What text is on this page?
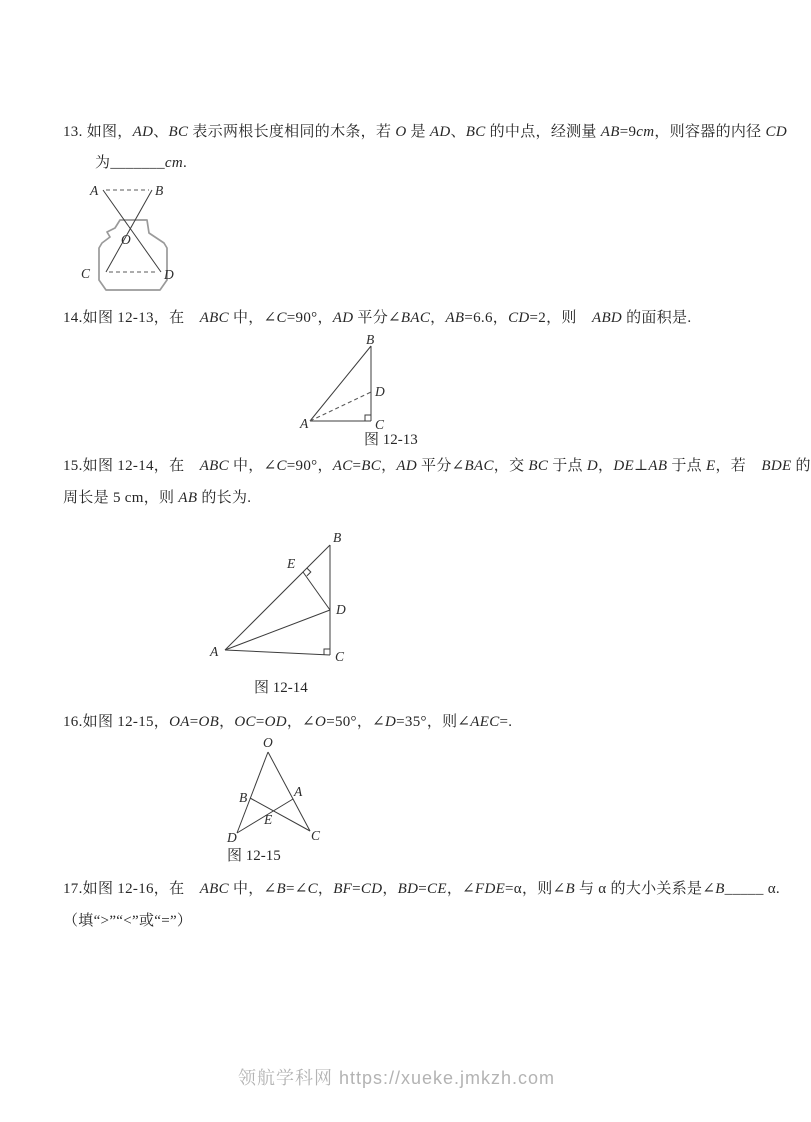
13. 如图，AD、BC 表示两根长度相同的木条，若 O 是 AD、BC 的中点，经测量 AB=9cm，则容器的内径 CD
为_______cm.
A	B
O
C	D
14.如图 12-13，在　ABC 中，∠C=90°，AD 平分∠BAC，AB=6.6，CD=2，则　ABD 的面积是.
B
D
A	C
图 12-13
15.如图 12-14，在　ABC 中，∠C=90°，AC=BC，AD 平分∠BAC，交 BC 于点 D，DE⊥AB 于点 E，若　BDE 的
周长是 5 cm，则 AB 的长为.
B
E
D
A	C
图 12-14
16.如图 12-15，OA=OB，OC=OD，∠O=50°，∠D=35°，则∠AEC=.
O
B	A
D	C
E
图 12-15
17.如图 12-16，在　ABC 中，∠B=∠C，BF=CD，BD=CE，∠FDE=α，则∠B 与 α 的大小关系是∠B_____ α.
（填“>”“<”或“=”）
领航学科网 https://xueke.jmkzh.com
